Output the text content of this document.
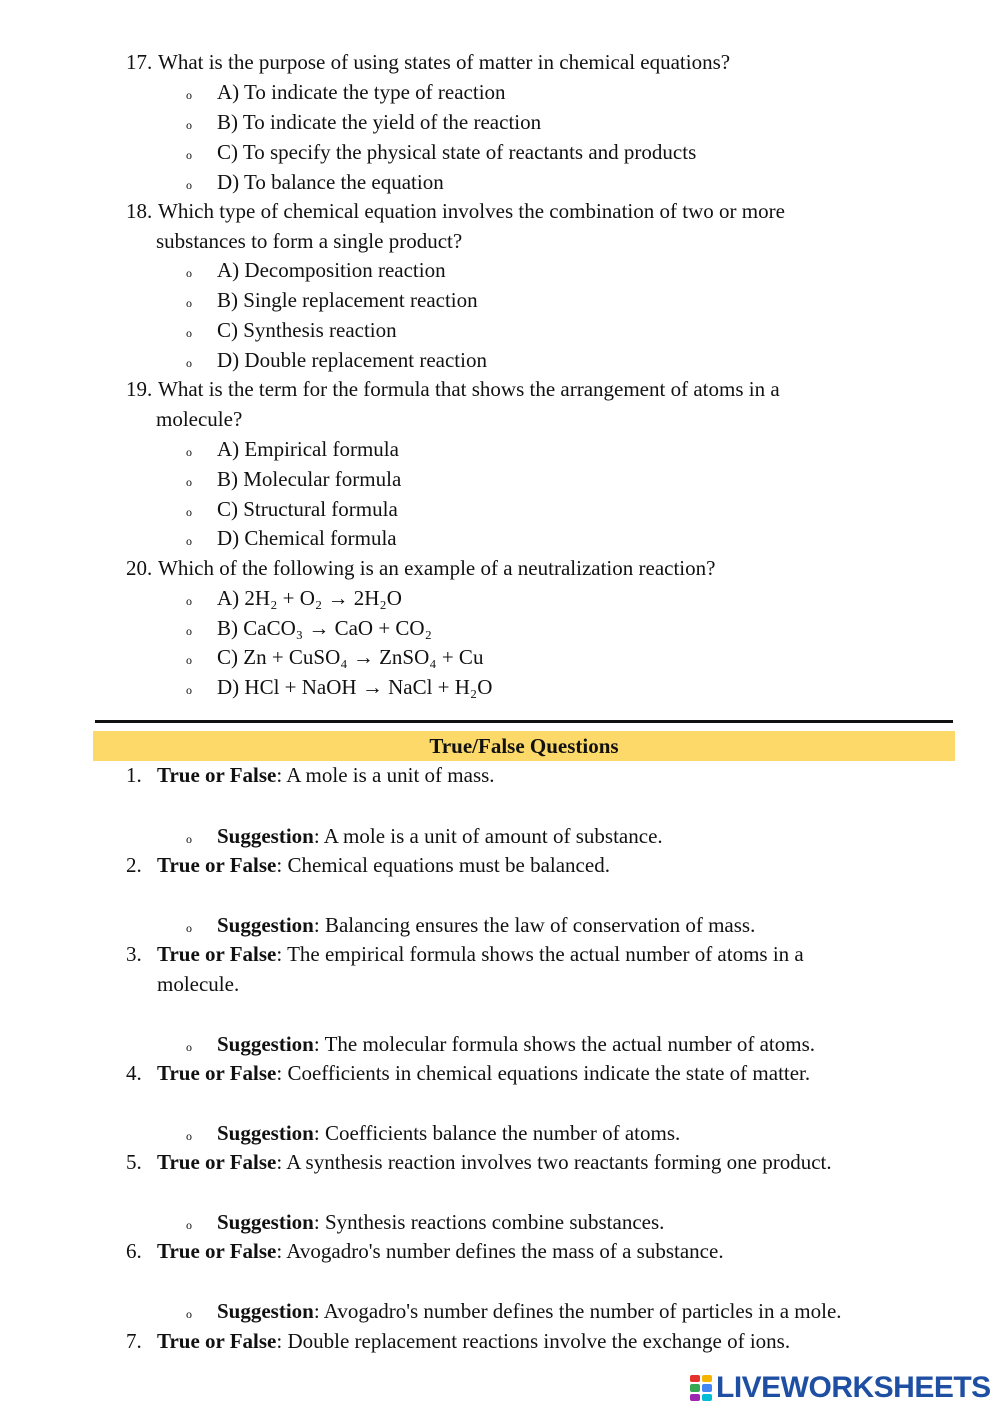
17. What is the purpose of using states of matter in chemical equations?
o A) To indicate the type of reaction
o B) To indicate the yield of the reaction
o C) To specify the physical state of reactants and products
o D) To balance the equation
18. Which type of chemical equation involves the combination of two or more
substances to form a single product?
o A) Decomposition reaction
o B) Single replacement reaction
o C) Synthesis reaction
o D) Double replacement reaction
19. What is the term for the formula that shows the arrangement of atoms in a
molecule?
o A) Empirical formula
o B) Molecular formula
o C) Structural formula
o D) Chemical formula
20. Which of the following is an example of a neutralization reaction?
o A) 2H₂ + O₂ → 2H₂O
o B) CaCO₃ → CaO + CO₂
o C) Zn + CuSO₄ → ZnSO₄ + Cu
o D) HCl + NaOH → NaCl + H₂O
True/False Questions
1. True or False: A mole is a unit of mass.
o Suggestion: A mole is a unit of amount of substance.
2. True or False: Chemical equations must be balanced.
o Suggestion: Balancing ensures the law of conservation of mass.
3. True or False: The empirical formula shows the actual number of atoms in a
molecule.
o Suggestion: The molecular formula shows the actual number of atoms.
4. True or False: Coefficients in chemical equations indicate the state of matter.
o Suggestion: Coefficients balance the number of atoms.
5. True or False: A synthesis reaction involves two reactants forming one product.
o Suggestion: Synthesis reactions combine substances.
6. True or False: Avogadro's number defines the mass of a substance.
o Suggestion: Avogadro's number defines the number of particles in a mole.
7. True or False: Double replacement reactions involve the exchange of ions.
LIVEWORKSHEETS
